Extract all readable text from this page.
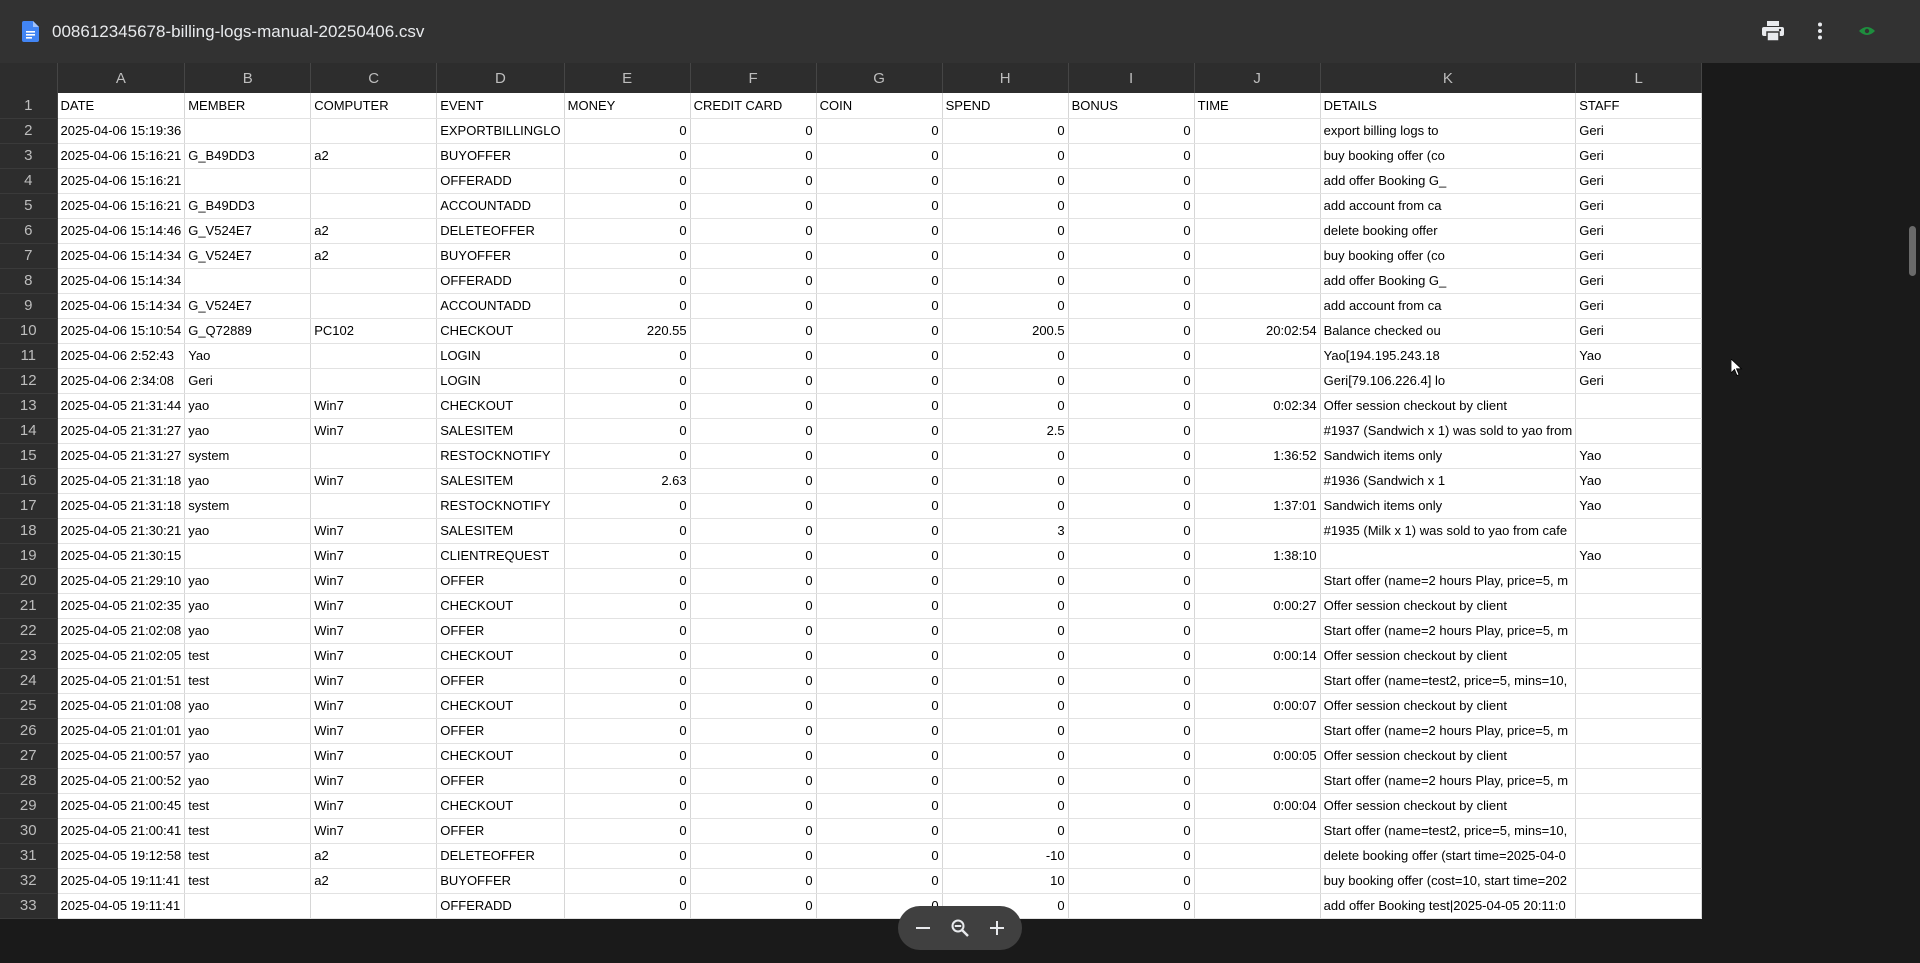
008612345678-billing-logs-manual-20250406.csv
	A	B	C	D	E	F	G	H	I	J	K	L
1	DATE	MEMBER	COMPUTER	EVENT	MONEY	CREDIT CARD	COIN	SPEND	BONUS	TIME	DETAILS	STAFF
2	2025-04-06 15:19:36			EXPORTBILLINGLO	0	0	0	0	0		export billing logs to	Geri
3	2025-04-06 15:16:21	G_B49DD3	a2	BUYOFFER	0	0	0	0	0		buy booking offer (co	Geri
4	2025-04-06 15:16:21			OFFERADD	0	0	0	0	0		add offer Booking G_	Geri
5	2025-04-06 15:16:21	G_B49DD3		ACCOUNTADD	0	0	0	0	0		add account from ca	Geri
6	2025-04-06 15:14:46	G_V524E7	a2	DELETEOFFER	0	0	0	0	0		delete booking offer	Geri
7	2025-04-06 15:14:34	G_V524E7	a2	BUYOFFER	0	0	0	0	0		buy booking offer (co	Geri
8	2025-04-06 15:14:34			OFFERADD	0	0	0	0	0		add offer Booking G_	Geri
9	2025-04-06 15:14:34	G_V524E7		ACCOUNTADD	0	0	0	0	0		add account from ca	Geri
10	2025-04-06 15:10:54	G_Q72889	PC102	CHECKOUT	220.55	0	0	200.5	0	20:02:54	Balance checked ou	Geri
11	2025-04-06 2:52:43	Yao		LOGIN	0	0	0	0	0		Yao[194.195.243.18	Yao
12	2025-04-06 2:34:08	Geri		LOGIN	0	0	0	0	0		Geri[79.106.226.4] lo	Geri
13	2025-04-05 21:31:44	yao	Win7	CHECKOUT	0	0	0	0	0	0:02:34	Offer session checkout by client	
14	2025-04-05 21:31:27	yao	Win7	SALESITEM	0	0	0	2.5	0		#1937 (Sandwich x 1) was sold to yao from	
15	2025-04-05 21:31:27	system		RESTOCKNOTIFY	0	0	0	0	0	1:36:52	Sandwich items only	Yao
16	2025-04-05 21:31:18	yao	Win7	SALESITEM	2.63	0	0	0	0		#1936 (Sandwich x 1	Yao
17	2025-04-05 21:31:18	system		RESTOCKNOTIFY	0	0	0	0	0	1:37:01	Sandwich items only	Yao
18	2025-04-05 21:30:21	yao	Win7	SALESITEM	0	0	0	3	0		#1935 (Milk x 1) was sold to yao from cafe	
19	2025-04-05 21:30:15		Win7	CLIENTREQUEST	0	0	0	0	0	1:38:10		Yao
20	2025-04-05 21:29:10	yao	Win7	OFFER	0	0	0	0	0		Start offer (name=2 hours Play, price=5, m	
21	2025-04-05 21:02:35	yao	Win7	CHECKOUT	0	0	0	0	0	0:00:27	Offer session checkout by client	
22	2025-04-05 21:02:08	yao	Win7	OFFER	0	0	0	0	0		Start offer (name=2 hours Play, price=5, m	
23	2025-04-05 21:02:05	test	Win7	CHECKOUT	0	0	0	0	0	0:00:14	Offer session checkout by client	
24	2025-04-05 21:01:51	test	Win7	OFFER	0	0	0	0	0		Start offer (name=test2, price=5, mins=10,	
25	2025-04-05 21:01:08	yao	Win7	CHECKOUT	0	0	0	0	0	0:00:07	Offer session checkout by client	
26	2025-04-05 21:01:01	yao	Win7	OFFER	0	0	0	0	0		Start offer (name=2 hours Play, price=5, m	
27	2025-04-05 21:00:57	yao	Win7	CHECKOUT	0	0	0	0	0	0:00:05	Offer session checkout by client	
28	2025-04-05 21:00:52	yao	Win7	OFFER	0	0	0	0	0		Start offer (name=2 hours Play, price=5, m	
29	2025-04-05 21:00:45	test	Win7	CHECKOUT	0	0	0	0	0	0:00:04	Offer session checkout by client	
30	2025-04-05 21:00:41	test	Win7	OFFER	0	0	0	0	0		Start offer (name=test2, price=5, mins=10,	
31	2025-04-05 19:12:58	test	a2	DELETEOFFER	0	0	0	-10	0		delete booking offer (start time=2025-04-0	
32	2025-04-05 19:11:41	test	a2	BUYOFFER	0	0	0	10	0		buy booking offer (cost=10, start time=202	
33	2025-04-05 19:11:41			OFFERADD	0	0		0	0		add offer Booking test|2025-04-05 20:11:0	
